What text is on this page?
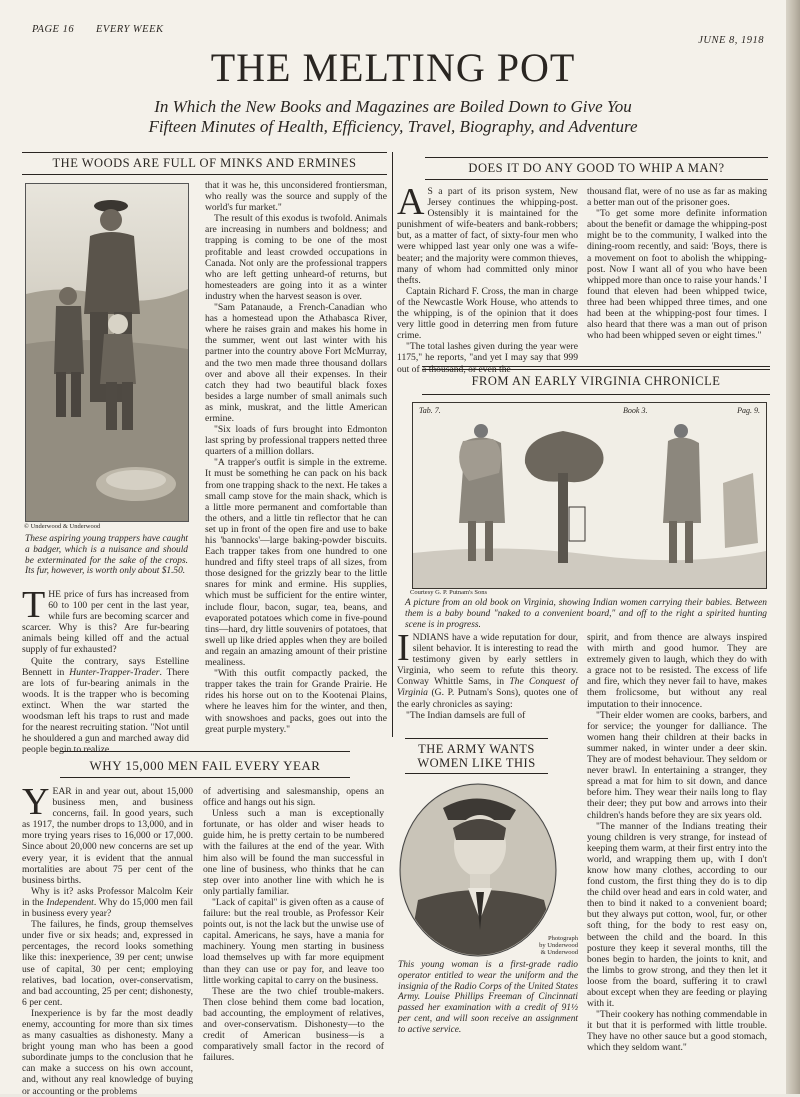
PAGE 16 EVERY WEEK
JUNE 8, 1918
THE MELTING POT
In Which the New Books and Magazines are Boiled Down to Give You
Fifteen Minutes of Health, Efficiency, Travel, Biography, and Adventure
THE WOODS ARE FULL OF MINKS AND ERMINES
© Underwood & Underwood

These aspiring young trappers have caught a badger, which is a nuisance and should be exterminated for the sake of the crops. Its fur, however, is worth only about $1.50.

T HE price of furs has increased from 60 to 100 per cent in the last year, while furs are becoming scarcer and scarcer. Why is this? Are fur-bearing animals being killed off and the actual supply of fur exhausted?

Quite the contrary, says Estelline Bennett in Hunter-Trapper-Trader. There are lots of fur-bearing animals in the woods. It is the trapper who is becoming extinct. When the war started the woodsman left his traps to rust and made for the nearest recruiting station. "Not until he shouldered a gun and marched away did people begin to realize

that it was he, this unconsidered frontiersman, who really was the source and supply of the world's fur market."

The result of this exodus is twofold. Animals are increasing in numbers and boldness; and trapping is coming to be one of the most profitable and least crowded occupations in Canada. Not only are the professional trappers who are left getting unheard-of returns, but homesteaders are going into it as a winter industry when the harvest season is over.

"Sam Patanaude, a French-Canadian who has a homestead upon the Athabasca River, where he raises grain and makes his home in the summer, went out last winter with his partner into the country above Fort McMurray, and the two men made three thousand dollars over and above all their expenses. In their catch they had two beautiful black foxes besides a large number of small animals such as mink, muskrat, and the little American ermine.

"Six loads of furs brought into Edmonton last spring by professional trappers netted three quarters of a million dollars.

"A trapper's outfit is simple in the extreme. It must be something he can pack on his back from one trapping shack to the next. He takes a small camp stove for the main shack, which is a little more permanent and comfortable than the others, and a little tin reflector that he can set up in front of the open fire and use to bake his 'bannocks'—large baking-powder biscuits. Each trapper takes from one hundred to one hundred and fifty steel traps of all sizes, from those designed for the grizzly bear to the little snares for mink and ermine. His supplies, which must be sufficient for the entire winter, include flour, bacon, sugar, tea, beans, and evaporated potatoes which come in five-pound tins—hard, dry little souvenirs of potatoes, that swell up like dried apples when they are boiled and regain an amazing amount of their pristine mealiness.

"With this outfit compactly packed, the trapper takes the train for Grande Prairie. He rides his horse out on to the Kootenai Plains, where he leaves him for the winter, and then, with snowshoes and packs, goes out into the great purple mystery."

DOES IT DO ANY GOOD TO WHIP A MAN?
A S a part of its prison system, New Jersey continues the whipping-post. Ostensibly it is maintained for the punishment of wife-beaters and bank-robbers; but, as a matter of fact, of sixty-four men who were whipped last year only one was a wife-beater; and the majority were common thieves, many of whom had committed only minor thefts.

Captain Richard F. Cross, the man in charge of the Newcastle Work House, who attends to the whipping, is of the opinion that it does very little good in deterring men from future crime.

"The total lashes given during the year were 1175," he reports, "and yet I may say that 999 out of a thousand, or even the

thousand flat, were of no use as far as making a better man out of the prisoner goes.

"To get some more definite information about the benefit or damage the whipping-post might be to the community, I walked into the dining-room recently, and said: 'Boys, there is a movement on foot to abolish the whipping-post. Now I want all of you who have been whipped more than once to raise your hands.' I found that eleven had been whipped twice, three had been whipped three times, and one had been at the whipping-post four times. I also heard that there was a man out of prison who had been whipped seven or eight times."

FROM AN EARLY VIRGINIA CHRONICLE
Tab. 7.	Book 3.	Pag. 9.
Courtesy G. P. Putnam's Sons

A picture from an old book on Virginia, showing Indian women carrying their babies. Between them is a baby bound "naked to a convenient board," and off to the right a spirited hunting scene is in progress.

I NDIANS have a wide reputation for dour, silent behavior. It is interesting to read the testimony given by early settlers in Virginia, who seem to refute this theory. Conway Whittle Sams, in The Conquest of Virginia (G. P. Putnam's Sons), quotes one of the early chronicles as saying:

"The Indian damsels are full of

spirit, and from thence are always inspired with mirth and good humor. They are extremely given to laugh, which they do with a grace not to be resisted. The excess of life and fire, which they never fail to have, makes them frolicsome, but without any real imputation to their innocence.

"Their elder women are cooks, barbers, and for service; the younger for dalliance. The women hang their children at their backs in summer naked, in winter under a deer skin. They are of modest behaviour. They seldom or never brawl. In entertaining a stranger, they spread a mat for him to sit down, and dance before him. They wear their nails long to flay their deer; they put bow and arrows into their children's hands before they are six years old.

"The manner of the Indians treating their young children is very strange, for instead of keeping them warm, at their first entry into the world, and wrapping them up, with I don't know how many clothes, according to our fond custom, the first thing they do is to dip the child over head and ears in cold water, and then to bind it naked to a convenient board; but they always put cotton, wool, fur, or other soft thing, for the body to rest easy on, between the child and the board. In this posture they keep it several months, till the bones begin to harden, the joints to knit, and the limbs to grow strong, and they then let it loose from the board, suffering it to crawl about except when they are feeding or playing with it.

"Their cookery has nothing commendable in it but that it is performed with little trouble. They have no other sauce but a good stomach, which they seldom want."

THE ARMY WANTS
WOMEN LIKE THIS
Photograph
by Underwood
& Underwood

This young woman is a first-grade radio operator entitled to wear the uniform and the insignia of the Radio Corps of the United States Army. Louise Phillips Freeman of Cincinnati passed her examination with a credit of 91½ per cent, and will soon receive an assignment to active service.

WHY 15,000 MEN FAIL EVERY YEAR
Y EAR in and year out, about 15,000 business men, and business concerns, fail. In good years, such as 1917, the number drops to 13,000, and in more trying years rises to 16,000 or 17,000. Since about 20,000 new concerns are set up every year, it is evident that the annual mortalities are about 75 per cent of the business births.

Why is it? asks Professor Malcolm Keir in the Independent. Why do 15,000 men fail in business every year?

The failures, he finds, group themselves under five or six heads; and, expressed in percentages, the record looks something like this: inexperience, 39 per cent; unwise use of capital, 30 per cent; employing relatives, bad location, over-conservatism, and bad accounting, 25 per cent; dishonesty, 6 per cent.

Inexperience is by far the most deadly enemy, accounting for more than six times as many casualties as dishonesty. Many a bright young man who has been a good subordinate jumps to the conclusion that he can make a success on his own account, and, without any real knowledge of buying or accounting or the problems

of advertising and salesmanship, opens an office and hangs out his sign.

Unless such a man is exceptionally fortunate, or has older and wiser heads to guide him, he is pretty certain to be numbered with the failures at the end of the year. With him also will be found the man successful in one line of business, who thinks that he can step over into another line with which he is only partially familiar.

"Lack of capital" is given often as a cause of failure: but the real trouble, as Professor Keir points out, is not the lack but the unwise use of capital. Americans, he says, have a mania for machinery. Young men starting in business load themselves up with far more equipment than they can use or pay for, and leave too little working capital to carry on the business.

These are the two chief trouble-makers. Then close behind them come bad location, bad accounting, the employment of relatives, and over-conservatism. Dishonesty—to the credit of American business—is a comparatively small factor in the record of failures.
